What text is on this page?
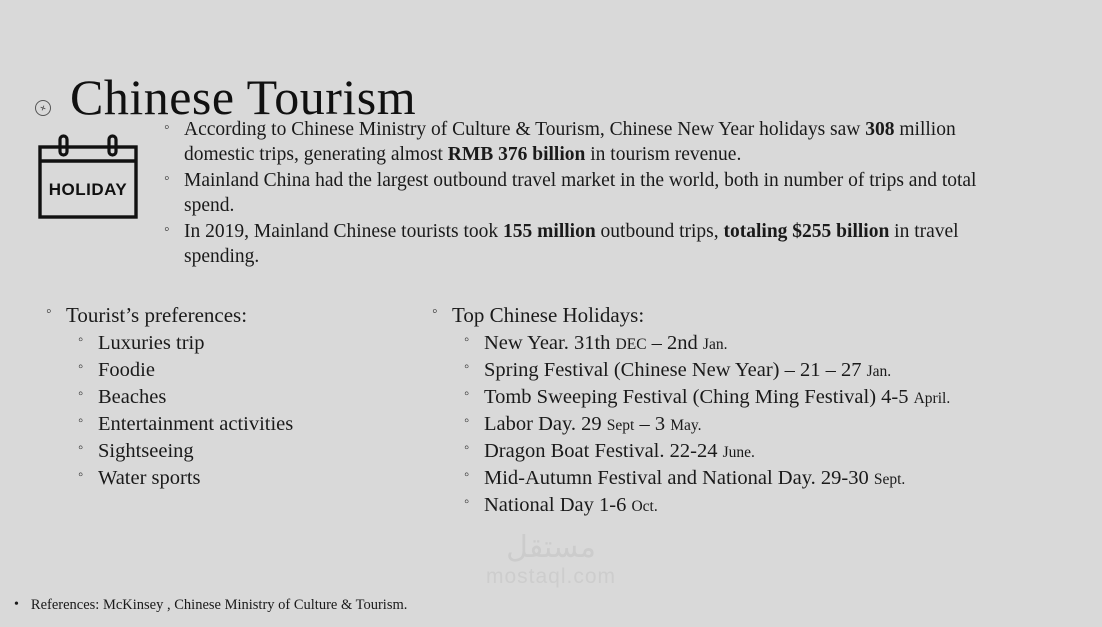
Chinese Tourism
HOLIDAY
◦ According to Chinese Ministry of Culture & Tourism, Chinese New Year holidays saw 308 million domestic trips, generating almost RMB 376 billion in tourism revenue.
◦ Mainland China had the largest outbound travel market in the world, both in number of trips and total spend.
◦ In 2019, Mainland Chinese tourists took 155 million outbound trips, totaling $255 billion in travel spending.
◦ Tourist’s preferences:
◦ Luxuries trip
◦ Foodie
◦ Beaches
◦ Entertainment activities
◦ Sightseeing
◦ Water sports
◦ Top Chinese Holidays:
◦ New Year. 31th DEC – 2nd Jan.
◦ Spring Festival (Chinese New Year) – 21 – 27 Jan.
◦ Tomb Sweeping Festival (Ching Ming Festival) 4-5 April.
◦ Labor Day. 29 Sept – 3 May.
◦ Dragon Boat Festival. 22-24 June.
◦ Mid-Autumn Festival and National Day. 29-30 Sept.
◦ National Day 1-6 Oct.
مستقل
mostaql.com
• References: McKinsey , Chinese Ministry of Culture & Tourism.
